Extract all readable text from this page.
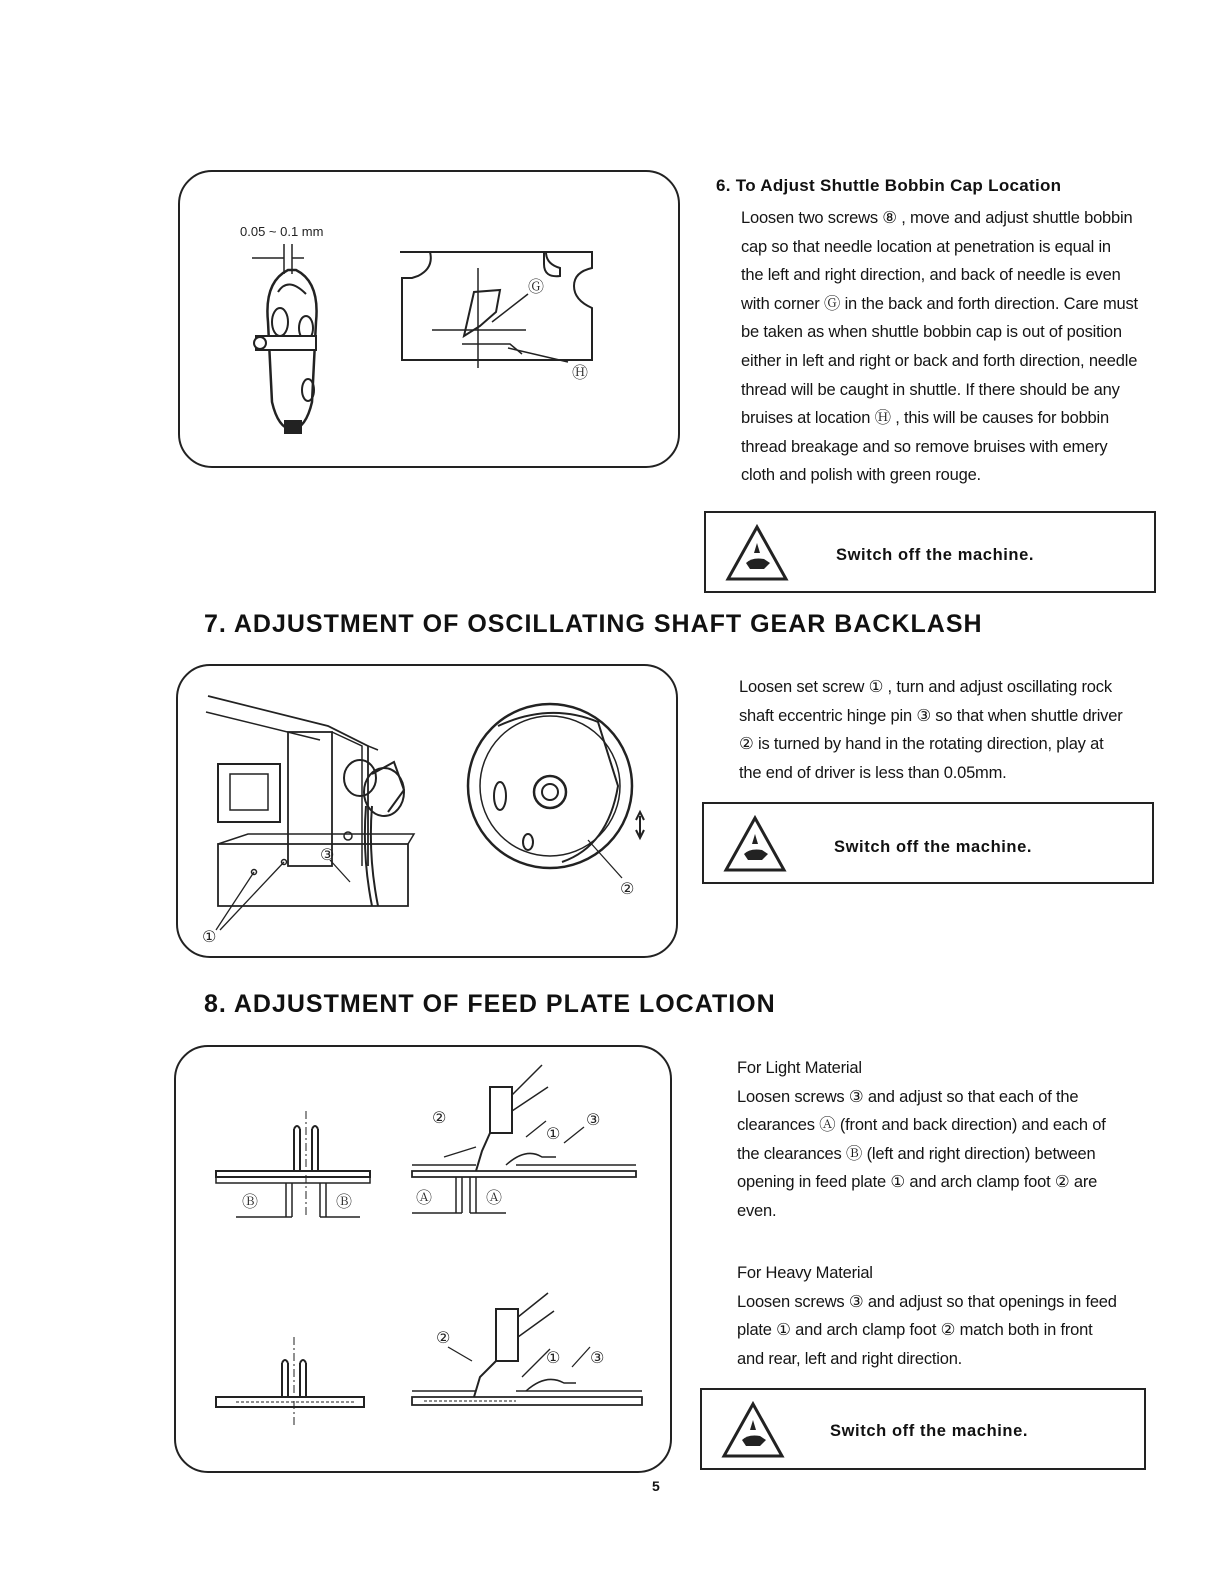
0.05 ~ 0.1 mm
Ⓖ
Ⓗ
6. To Adjust Shuttle Bobbin Cap Location

Loosen two screws ⑧ , move and adjust shuttle bobbin

cap so that needle location at penetration is equal in

the left and right direction, and back of needle is even

with corner Ⓖ in the back and forth direction. Care must

be taken as when shuttle bobbin cap is out of position

either in left and right or back and forth direction, needle

thread will be caught in shuttle. If there should be any

bruises at location Ⓗ , this will be causes for bobbin

thread breakage and so remove bruises with emery

cloth and polish with green rouge.

Switch off the machine.
7. ADJUSTMENT OF OSCILLATING SHAFT GEAR BACKLASH
①
③
②

Loosen set screw ① , turn and adjust oscillating rock

shaft eccentric hinge pin ③ so that when shuttle driver

② is turned by hand in the rotating direction, play at

the end of driver is less than 0.05mm.

Switch off the machine.
8. ADJUSTMENT OF FEED PLATE LOCATION
Ⓑ	Ⓑ
②
①
③
Ⓐ	Ⓐ
②
① ③

For Light Material

Loosen screws ③ and adjust so that each of the

clearances Ⓐ (front and back direction) and each of

the clearances Ⓑ (left and right direction) between

opening in feed plate ① and arch clamp foot ② are

even.

For Heavy Material

Loosen screws ③ and adjust so that openings in feed

plate ① and arch clamp foot ② match both in front

and rear, left and right direction.

Switch off the machine.
5
